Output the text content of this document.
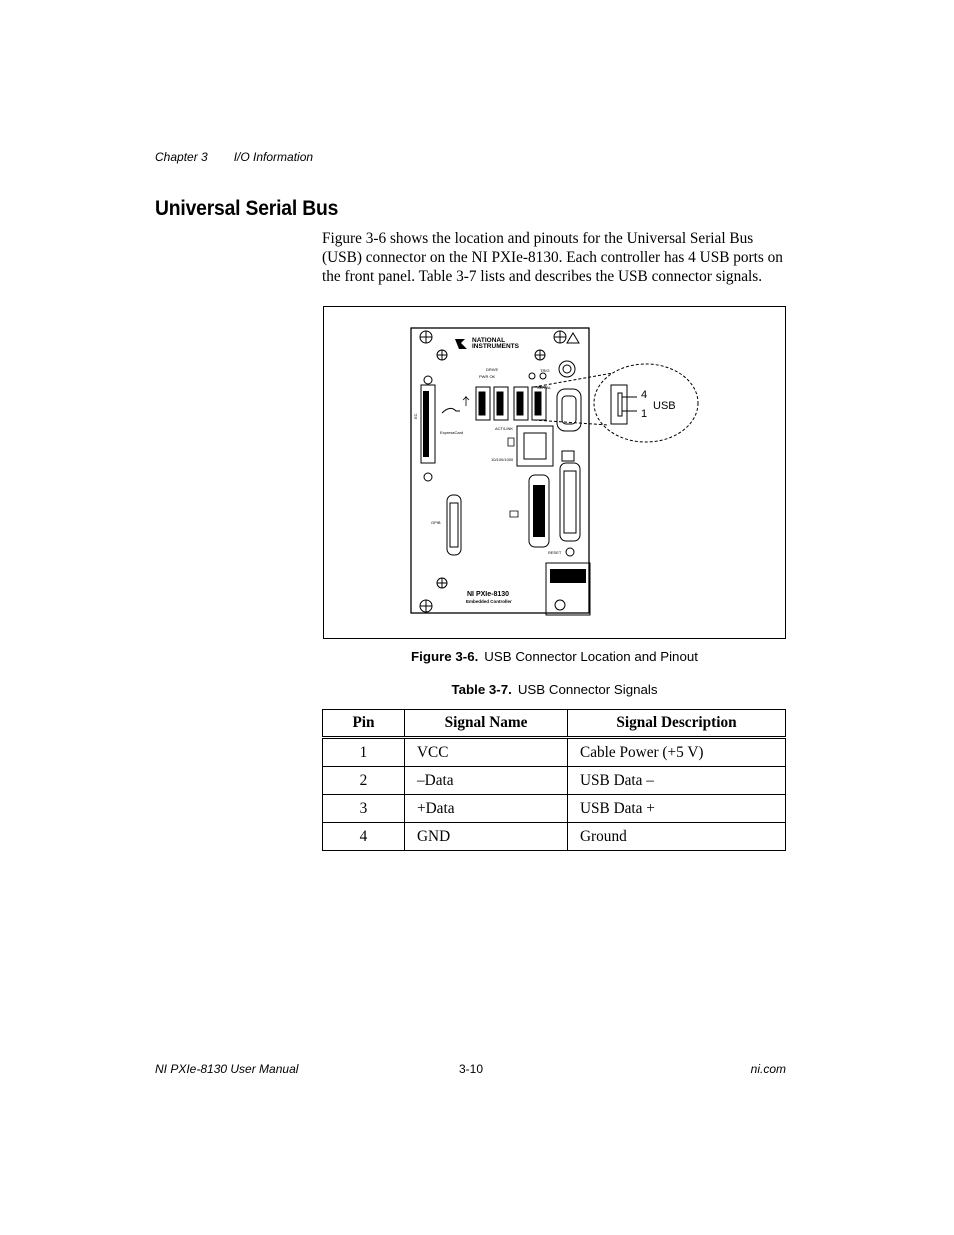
Chapter 3 I/O Information
Universal Serial Bus

Figure 3-6 shows the location and pinouts for the Universal Serial Bus (USB) connector on the NI PXIe-8130. Each controller has 4 USB ports on the front panel. Table 3-7 lists and describes the USB connector signals.

NATIONAL
INSTRUMENTS
TRIG
DRIVE
PWR OK
SERIAL
EC
ExpressCard
ACT/LINK
10/100/1000
GPIB
RESET
NI PXIe-8130
Embedded Controller
4
1
USB
Figure 3-6. USB Connector Location and Pinout
Table 3-7. USB Connector Signals
Pin	Signal Name	Signal Description
1	VCC	Cable Power (+5 V)
2	–Data	USB Data –
3	+Data	USB Data +
4	GND	Ground
NI PXIe-8130 User Manual	3-10	ni.com
